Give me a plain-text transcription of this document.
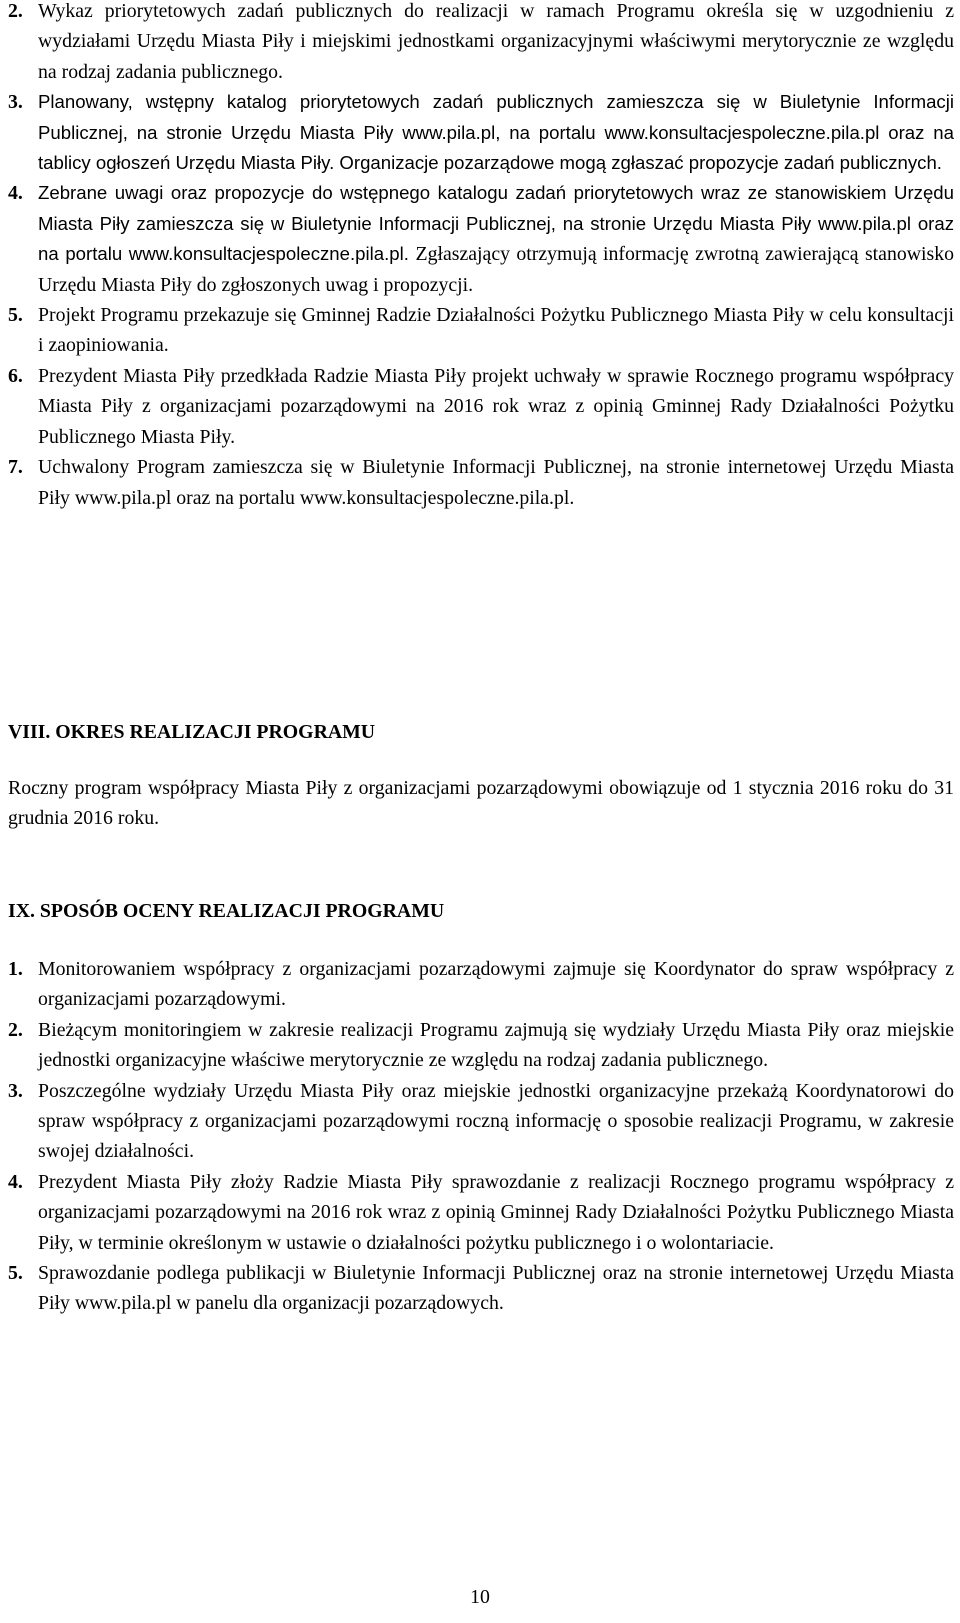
2. Wykaz priorytetowych zadań publicznych do realizacji w ramach Programu określa się w uzgodnieniu z wydziałami Urzędu Miasta Piły i miejskimi jednostkami organizacyjnymi właściwymi merytorycznie ze względu na rodzaj zadania publicznego.
3. Planowany, wstępny katalog priorytetowych zadań publicznych zamieszcza się w Biuletynie Informacji Publicznej, na stronie Urzędu Miasta Piły www.pila.pl, na portalu www.konsultacjespoleczne.pila.pl oraz na tablicy ogłoszeń Urzędu Miasta Piły. Organizacje pozarządowe mogą zgłaszać propozycje zadań publicznych.
4. Zebrane uwagi oraz propozycje do wstępnego katalogu zadań priorytetowych wraz ze stanowiskiem Urzędu Miasta Piły zamieszcza się w Biuletynie Informacji Publicznej, na stronie Urzędu Miasta Piły www.pila.pl oraz na portalu www.konsultacjespoleczne.pila.pl. Zgłaszający otrzymują informację zwrotną zawierającą stanowisko Urzędu Miasta Piły do zgłoszonych uwag i propozycji.
5. Projekt Programu przekazuje się Gminnej Radzie Działalności Pożytku Publicznego Miasta Piły w celu konsultacji i zaopiniowania.
6. Prezydent Miasta Piły przedkłada Radzie Miasta Piły projekt uchwały w sprawie Rocznego programu współpracy Miasta Piły z organizacjami pozarządowymi na 2016 rok wraz z opinią Gminnej Rady Działalności Pożytku Publicznego Miasta Piły.
7. Uchwalony Program zamieszcza się w Biuletynie Informacji Publicznej, na stronie internetowej Urzędu Miasta Piły www.pila.pl oraz na portalu www.konsultacjespoleczne.pila.pl.
VIII. OKRES REALIZACJI PROGRAMU
Roczny program współpracy Miasta Piły z organizacjami pozarządowymi obowiązuje od 1 stycznia 2016 roku do 31 grudnia 2016 roku.
IX. SPOSÓB OCENY REALIZACJI PROGRAMU
1. Monitorowaniem współpracy z organizacjami pozarządowymi zajmuje się Koordynator do spraw współpracy z organizacjami pozarządowymi.
2. Bieżącym monitoringiem w zakresie realizacji Programu zajmują się wydziały Urzędu Miasta Piły oraz miejskie jednostki organizacyjne właściwe merytorycznie ze względu na rodzaj zadania publicznego.
3. Poszczególne wydziały Urzędu Miasta Piły oraz miejskie jednostki organizacyjne przekażą Koordynatorowi do spraw współpracy z organizacjami pozarządowymi roczną informację o sposobie realizacji Programu, w zakresie swojej działalności.
4. Prezydent Miasta Piły złoży Radzie Miasta Piły sprawozdanie z realizacji Rocznego programu współpracy z organizacjami pozarządowymi na 2016 rok wraz z opinią Gminnej Rady Działalności Pożytku Publicznego Miasta Piły, w terminie określonym w ustawie o działalności pożytku publicznego i o wolontariacie.
5. Sprawozdanie podlega publikacji w Biuletynie Informacji Publicznej oraz na stronie internetowej Urzędu Miasta Piły www.pila.pl w panelu dla organizacji pozarządowych.
10
